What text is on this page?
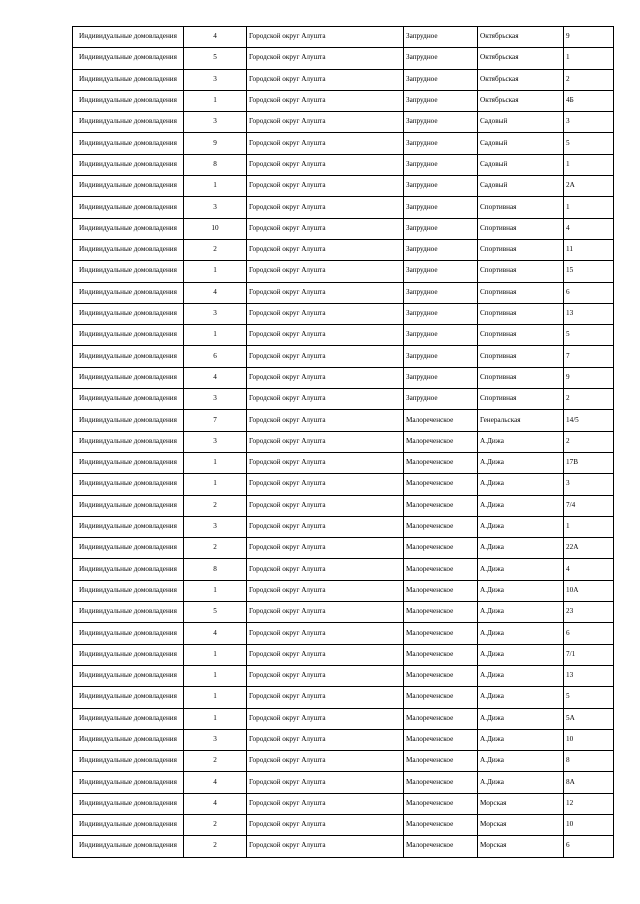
Индивидуальные домовладения	4	Городской округ Алушта	Запрудное	Октябрьская	9
Индивидуальные домовладения	5	Городской округ Алушта	Запрудное	Октябрьская	1
Индивидуальные домовладения	3	Городской округ Алушта	Запрудное	Октябрьская	2
Индивидуальные домовладения	1	Городской округ Алушта	Запрудное	Октябрьская	4Б
Индивидуальные домовладения	3	Городской округ Алушта	Запрудное	Садовый	3
Индивидуальные домовладения	9	Городской округ Алушта	Запрудное	Садовый	5
Индивидуальные домовладения	8	Городской округ Алушта	Запрудное	Садовый	1
Индивидуальные домовладения	1	Городской округ Алушта	Запрудное	Садовый	2А
Индивидуальные домовладения	3	Городской округ Алушта	Запрудное	Спортивная	1
Индивидуальные домовладения	10	Городской округ Алушта	Запрудное	Спортивная	4
Индивидуальные домовладения	2	Городской округ Алушта	Запрудное	Спортивная	11
Индивидуальные домовладения	1	Городской округ Алушта	Запрудное	Спортивная	15
Индивидуальные домовладения	4	Городской округ Алушта	Запрудное	Спортивная	6
Индивидуальные домовладения	3	Городской округ Алушта	Запрудное	Спортивная	13
Индивидуальные домовладения	1	Городской округ Алушта	Запрудное	Спортивная	5
Индивидуальные домовладения	6	Городской округ Алушта	Запрудное	Спортивная	7
Индивидуальные домовладения	4	Городской округ Алушта	Запрудное	Спортивная	9
Индивидуальные домовладения	3	Городской округ Алушта	Запрудное	Спортивная	2
Индивидуальные домовладения	7	Городской округ Алушта	Малореченское	Генеральская	14/5
Индивидуальные домовладения	3	Городской округ Алушта	Малореченское	А.Дижа	2
Индивидуальные домовладения	1	Городской округ Алушта	Малореченское	А.Дижа	17В
Индивидуальные домовладения	1	Городской округ Алушта	Малореченское	А.Дижа	3
Индивидуальные домовладения	2	Городской округ Алушта	Малореченское	А.Дижа	7/4
Индивидуальные домовладения	3	Городской округ Алушта	Малореченское	А.Дижа	1
Индивидуальные домовладения	2	Городской округ Алушта	Малореченское	А.Дижа	22А
Индивидуальные домовладения	8	Городской округ Алушта	Малореченское	А.Дижа	4
Индивидуальные домовладения	1	Городской округ Алушта	Малореченское	А.Дижа	10А
Индивидуальные домовладения	5	Городской округ Алушта	Малореченское	А.Дижа	23
Индивидуальные домовладения	4	Городской округ Алушта	Малореченское	А.Дижа	6
Индивидуальные домовладения	1	Городской округ Алушта	Малореченское	А.Дижа	7/1
Индивидуальные домовладения	1	Городской округ Алушта	Малореченское	А.Дижа	13
Индивидуальные домовладения	1	Городской округ Алушта	Малореченское	А.Дижа	5
Индивидуальные домовладения	1	Городской округ Алушта	Малореченское	А.Дижа	5А
Индивидуальные домовладения	3	Городской округ Алушта	Малореченское	А.Дижа	10
Индивидуальные домовладения	2	Городской округ Алушта	Малореченское	А.Дижа	8
Индивидуальные домовладения	4	Городской округ Алушта	Малореченское	А.Дижа	8А
Индивидуальные домовладения	4	Городской округ Алушта	Малореченское	Морская	12
Индивидуальные домовладения	2	Городской округ Алушта	Малореченское	Морская	10
Индивидуальные домовладения	2	Городской округ Алушта	Малореченское	Морская	6
